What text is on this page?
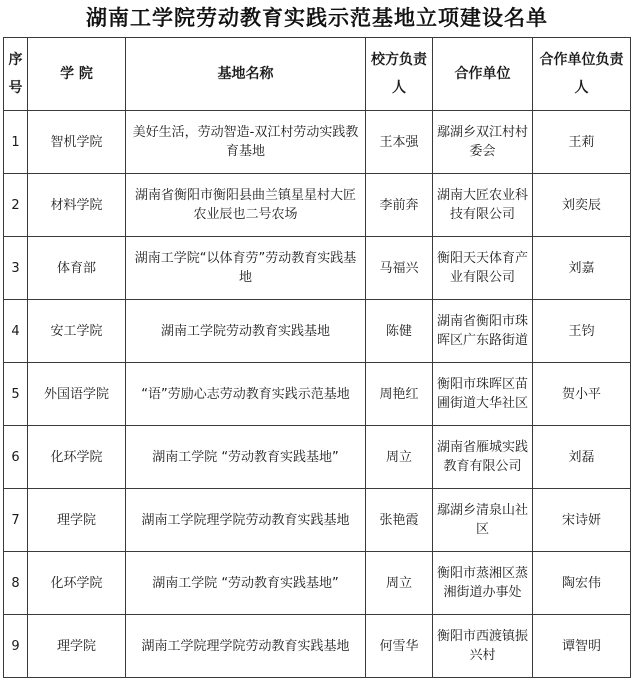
湖南工学院劳动教育实践示范基地立项建设名单
序号	学 院	基地名称	校方负责人	合作单位	合作单位负责人
1	智机学院	美好生活，劳动智造-双江村劳动实践教育基地	王本强	鄢湖乡双江村村委会	王莉
2	材料学院	湖南省衡阳市衡阳县曲兰镇星星村大匠农业辰也二号农场	李前奔	湖南大匠农业科技有限公司	刘奕辰
3	体育部	湖南工学院“以体育劳”劳动教育实践基地	马福兴	衡阳天天体育产业有限公司	刘嘉
4	安工学院	湖南工学院劳动教育实践基地	陈健	湖南省衡阳市珠晖区广东路街道	王钧
5	外国语学院	“语”劳励心志劳动教育实践示范基地	周艳红	衡阳市珠晖区苗圃街道大华社区	贺小平
6	化环学院	湖南工学院 “劳动教育实践基地”	周立	湖南省雁城实践教育有限公司	刘磊
7	理学院	湖南工学院理学院劳动教育实践基地	张艳霞	鄢湖乡清泉山社区	宋诗妍
8	化环学院	湖南工学院 “劳动教育实践基地”	周立	衡阳市蒸湘区蒸湘街道办事处	陶宏伟
9	理学院	湖南工学院理学院劳动教育实践基地	何雪华	衡阳市西渡镇振兴村	谭智明
